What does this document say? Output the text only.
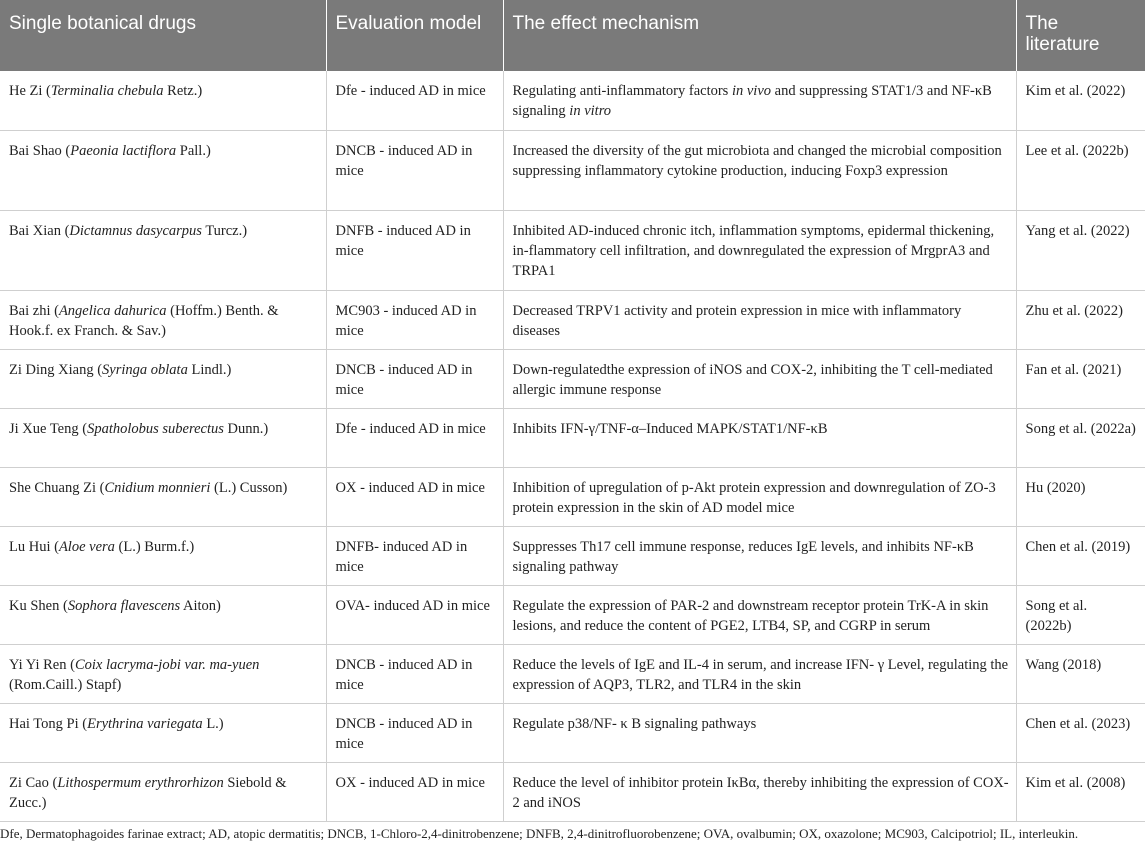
Single botanical drugs	Evaluation model	The effect mechanism	The literature
He Zi (Terminalia chebula Retz.)	Dfe - induced AD in mice	Regulating anti-inflammatory factors in vivo and suppressing STAT1/3 and NF-κB signaling in vitro	Kim et al. (2022)
Bai Shao (Paeonia lactiflora Pall.)	DNCB - induced AD in mice	Increased the diversity of the gut microbiota and changed the microbial composition suppressing inflammatory cytokine production, inducing Foxp3 expression	Lee et al. (2022b)
Bai Xian (Dictamnus dasycarpus Turcz.)	DNFB - induced AD in mice	Inhibited AD-induced chronic itch, inflammation symptoms, epidermal thickening, in-flammatory cell infiltration, and downregulated the expression of MrgprA3 and TRPA1	Yang et al. (2022)
Bai zhi (Angelica dahurica (Hoffm.) Benth. & Hook.f. ex Franch. & Sav.)	MC903 - induced AD in mice	Decreased TRPV1 activity and protein expression in mice with inflammatory diseases	Zhu et al. (2022)
Zi Ding Xiang (Syringa oblata Lindl.)	DNCB - induced AD in mice	Down-regulatedthe expression of iNOS and COX-2, inhibiting the T cell-mediated allergic immune response	Fan et al. (2021)
Ji Xue Teng (Spatholobus suberectus Dunn.)	Dfe - induced AD in mice	Inhibits IFN-γ/TNF-α–Induced MAPK/STAT1/NF-κB	Song et al. (2022a)
She Chuang Zi (Cnidium monnieri (L.) Cusson)	OX - induced AD in mice	Inhibition of upregulation of p-Akt protein expression and downregulation of ZO-3 protein expression in the skin of AD model mice	Hu (2020)
Lu Hui (Aloe vera (L.) Burm.f.)	DNFB- induced AD in mice	Suppresses Th17 cell immune response, reduces IgE levels, and inhibits NF-κB signaling pathway	Chen et al. (2019)
Ku Shen (Sophora flavescens Aiton)	OVA- induced AD in mice	Regulate the expression of PAR-2 and downstream receptor protein TrK-A in skin lesions, and reduce the content of PGE2, LTB4, SP, and CGRP in serum	Song et al. (2022b)
Yi Yi Ren (Coix lacryma-jobi var. ma-yuen (Rom.Caill.) Stapf)	DNCB - induced AD in mice	Reduce the levels of IgE and IL-4 in serum, and increase IFN- γ Level, regulating the expression of AQP3, TLR2, and TLR4 in the skin	Wang (2018)
Hai Tong Pi (Erythrina variegata L.)	DNCB - induced AD in mice	Regulate p38/NF- κ B signaling pathways	Chen et al. (2023)
Zi Cao (Lithospermum erythrorhizon Siebold & Zucc.)	OX - induced AD in mice	Reduce the level of inhibitor protein IκBα, thereby inhibiting the expression of COX-2 and iNOS	Kim et al. (2008)
Dfe, Dermatophagoides farinae extract; AD, atopic dermatitis; DNCB, 1-Chloro-2,4-dinitrobenzene; DNFB, 2,4-dinitrofluorobenzene; OVA, ovalbumin; OX, oxazolone; MC903, Calcipotriol; IL, interleukin.
